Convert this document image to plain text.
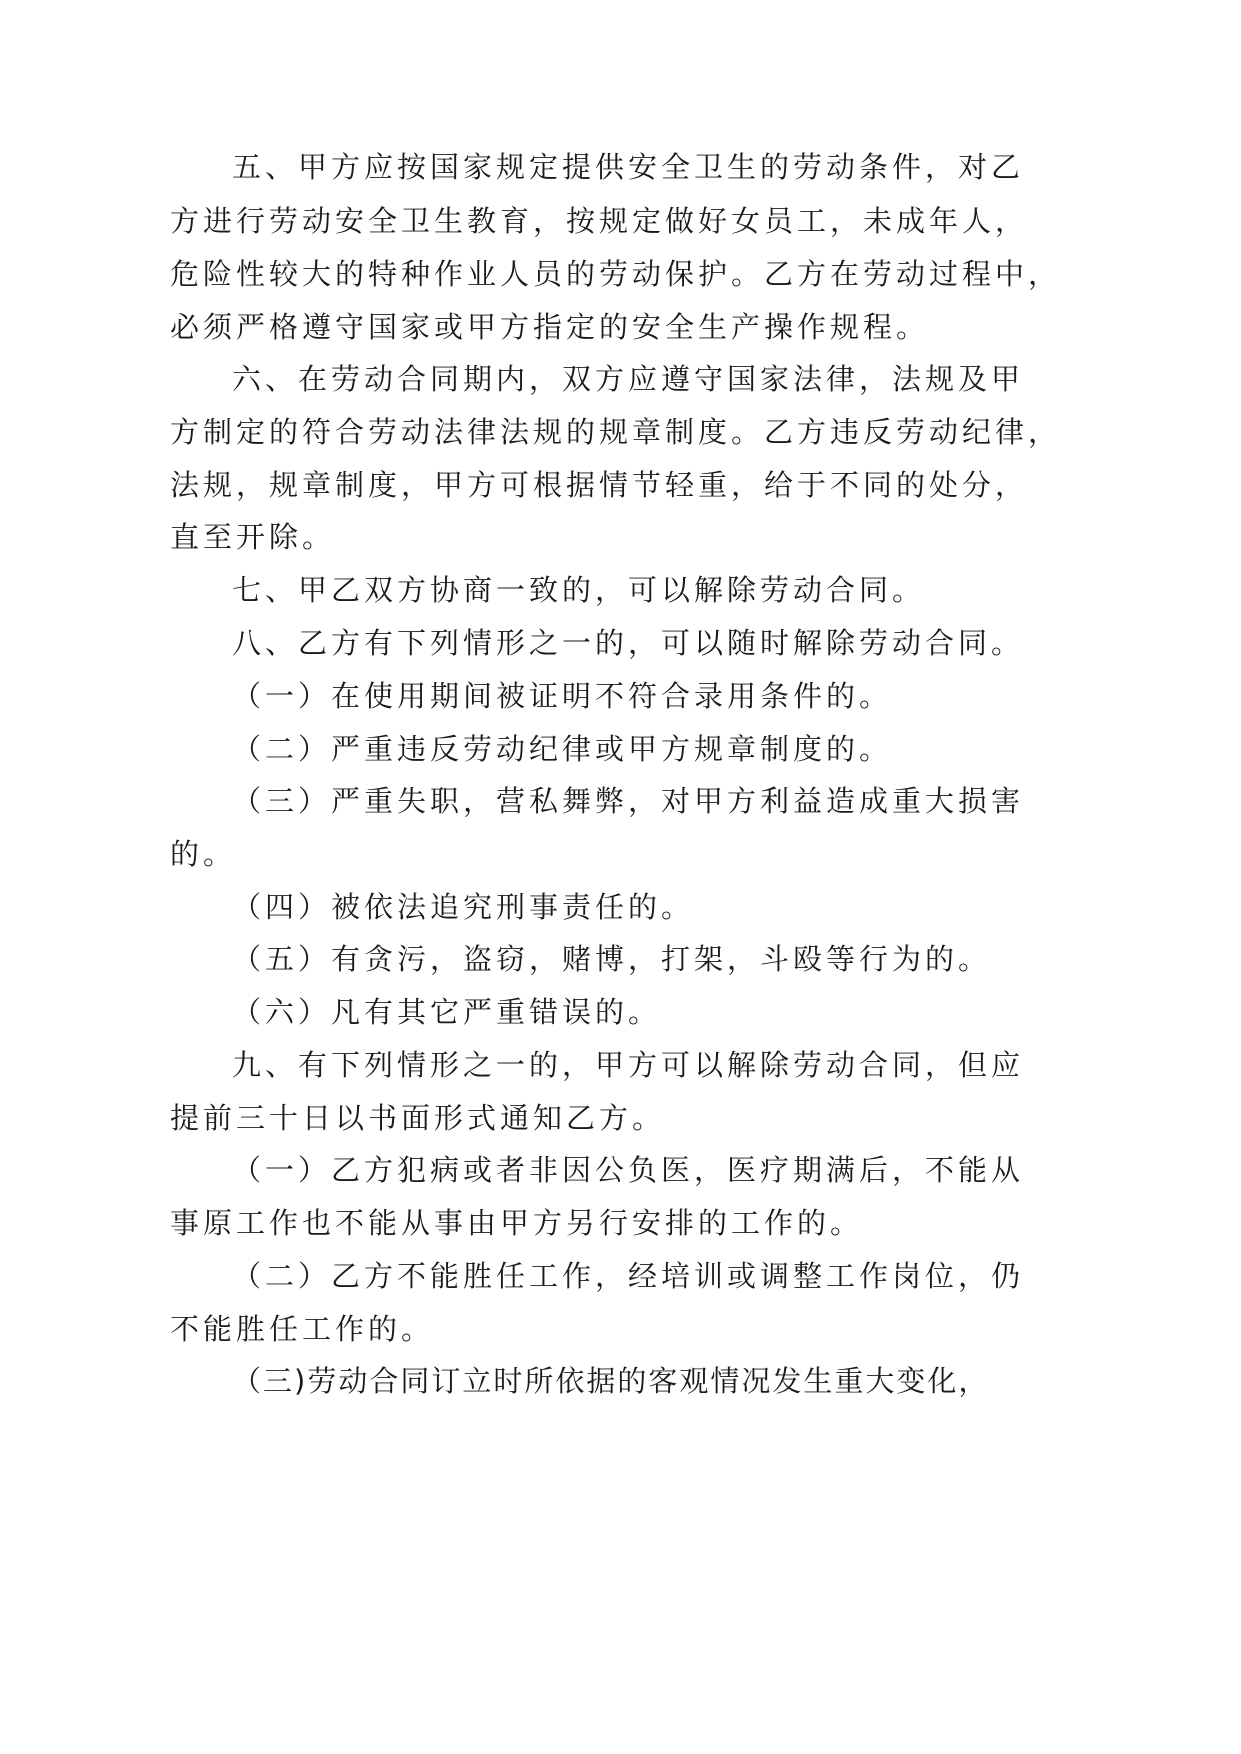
五、甲方应按国家规定提供安全卫生的劳动条件，对乙
方进行劳动安全卫生教育，按规定做好女员工，未成年人，
危险性较大的特种作业人员的劳动保护。乙方在劳动过程中，
必须严格遵守国家或甲方指定的安全生产操作规程。
六、在劳动合同期内，双方应遵守国家法律，法规及甲
方制定的符合劳动法律法规的规章制度。乙方违反劳动纪律，
法规，规章制度，甲方可根据情节轻重，给于不同的处分，
直至开除。
七、甲乙双方协商一致的，可以解除劳动合同。
八、乙方有下列情形之一的，可以随时解除劳动合同。
（一）在使用期间被证明不符合录用条件的。
（二）严重违反劳动纪律或甲方规章制度的。
（三）严重失职，营私舞弊，对甲方利益造成重大损害
的。
（四）被依法追究刑事责任的。
（五）有贪污，盗窃，赌博，打架，斗殴等行为的。
（六）凡有其它严重错误的。
九、有下列情形之一的，甲方可以解除劳动合同，但应
提前三十日以书面形式通知乙方。
（一）乙方犯病或者非因公负医，医疗期满后，不能从
事原工作也不能从事由甲方另行安排的工作的。
（二）乙方不能胜任工作，经培训或调整工作岗位，仍
不能胜任工作的。
（三)劳动合同订立时所依据的客观情况发生重大变化，
